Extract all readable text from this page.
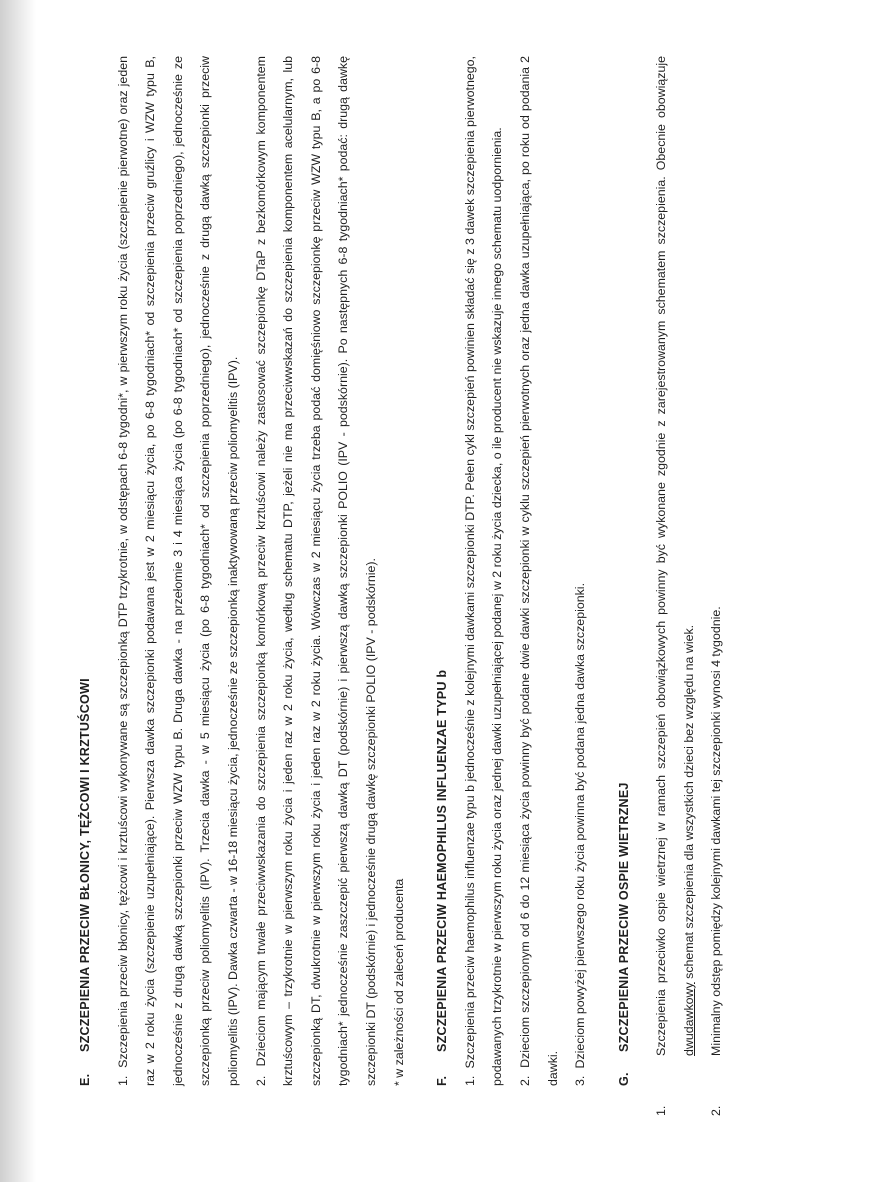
E.SZCZEPIENIA PRZECIW BŁONICY, TĘŻCOWI I KRZTUŚCOWI

1. Szczepienia przeciw błonicy, tężcowi i krztuścowi wykonywane są szczepionką DTP trzykrotnie, w odstępach 6-8 tygodni*, w pierwszym roku życia (szczepienie pierwotne) oraz jeden raz w 2 roku życia (szczepienie uzupełniające). Pierwsza dawka szczepionki podawana jest w 2 miesiącu życia, po 6-8 tygodniach* od szczepienia przeciw gruźlicy i WZW typu B, jednocześnie z drugą dawką szczepionki przeciw WZW typu B. Druga dawka - na przełomie 3 i 4 miesiąca życia (po 6-8 tygodniach* od szczepienia poprzedniego), jednocześnie ze szczepionką przeciw poliomyelitis (IPV). Trzecia dawka - w 5 miesiącu życia (po 6-8 tygodniach* od szczepienia poprzedniego), jednocześnie z drugą dawką szczepionki przeciw poliomyelitis (IPV). Dawka czwarta - w 16-18 miesiącu życia, jednocześnie ze szczepionką inaktywowaną przeciw poliomyelitis (IPV).	2. Dzieciom mającym trwałe przeciwwskazania do szczepienia szczepionką komórkową przeciw krztuścowi należy zastosować szczepionkę DTaP z bezkomórkowym komponentem krztuścowym – trzykrotnie w pierwszym roku życia i jeden raz w 2 roku życia, według schematu DTP, jeżeli nie ma przeciwwskazań do szczepienia komponentem acelularnym, lub szczepionką DT, dwukrotnie w pierwszym roku życia i jeden raz w 2 roku życia. Wówczas w 2 miesiącu życia trzeba podać domięśniowo szczepionkę przeciw WZW typu B, a po 6-8 tygodniach* jednocześnie zaszczepić pierwszą dawką DT (podskórnie) i pierwszą dawką szczepionki POLIO (IPV - podskórnie). Po następnych 6-8 tygodniach* podać: drugą dawkę szczepionki DT (podskórnie) i jednocześnie drugą dawkę szczepionki POLIO (IPV - podskórnie).	* w zależności od zaleceń producenta	F.SZCZEPIENIA PRZECIW HAEMOPHILUS INFLUENZAE TYPU b

1. Szczepienia przeciw haemophilus influenzae typu b jednocześnie z kolejnymi dawkami szczepionki DTP. Pełen cykl szczepień powinien składać się z 3 dawek szczepienia pierwotnego, podawanych trzykrotnie w pierwszym roku życia oraz jednej dawki uzupełniającej podanej w 2 roku życia dziecka, o ile producent nie wskazuje innego schematu uodpornienia.	2. Dzieciom szczepionym od 6 do 12 miesiąca życia powinny być podane dwie dawki szczepionki w cyklu szczepień pierwotnych oraz jedna dawka uzupełniająca, po roku od podania 2 dawki.	3. Dzieciom powyżej pierwszego roku życia powinna być podana jedna dawka szczepionki.

G.SZCZEPIENIA PRZECIW OSPIE WIETRZNEJ

1.Szczepienia przeciwko ospie wietrznej w ramach szczepień obowiązkowych powinny być wykonane zgodnie z zarejestrowanym schematem szczepienia. Obecnie obowiązuje dwudawkowy schemat szczepienia dla wszystkich dzieci bez względu na wiek.

2.Minimalny odstęp pomiędzy kolejnymi dawkami tej szczepionki wynosi 4 tygodnie.
